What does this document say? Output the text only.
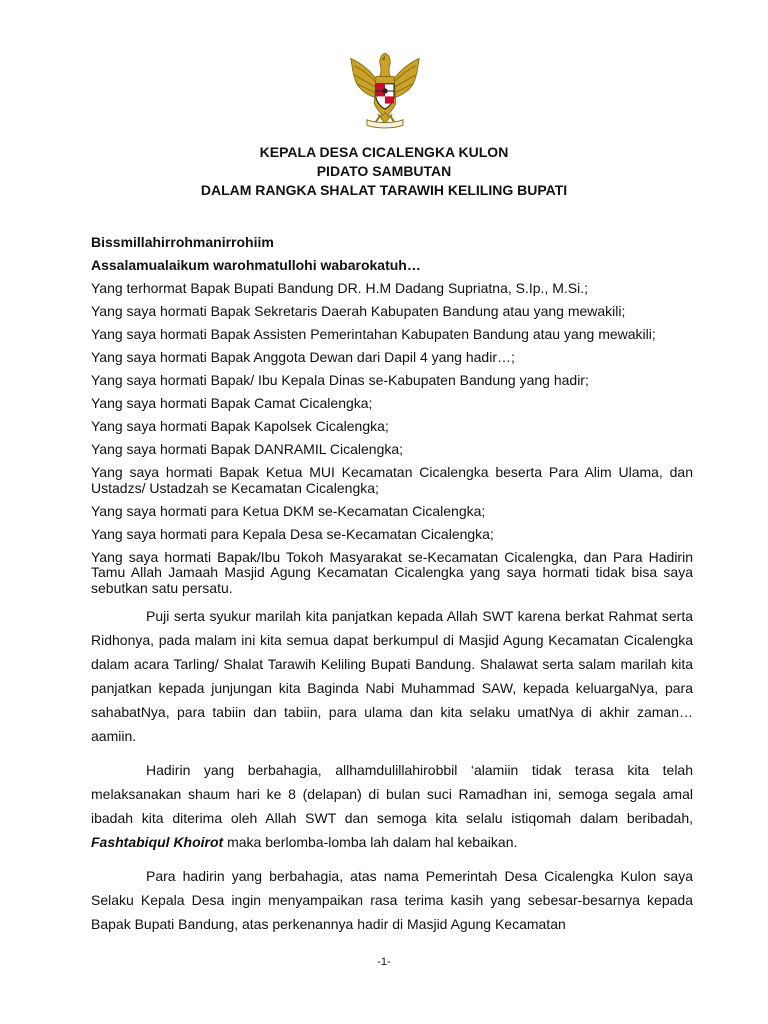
KEPALA DESA CICALENGKA KULON
PIDATO SAMBUTAN
DALAM RANGKA SHALAT TARAWIH KELILING BUPATI

Bissmillahirrohmanirrohiim

Assalamualaikum warohmatullohi wabarokatuh…

Yang terhormat Bapak Bupati Bandung DR. H.M Dadang Supriatna, S.Ip., M.Si.;

Yang saya hormati Bapak Sekretaris Daerah Kabupaten Bandung atau yang mewakili;

Yang saya hormati Bapak Assisten Pemerintahan Kabupaten Bandung atau yang mewakili;

Yang saya hormati Bapak Anggota Dewan dari Dapil 4 yang hadir…;

Yang saya hormati Bapak/ Ibu Kepala Dinas se-Kabupaten Bandung yang hadir;

Yang saya hormati Bapak Camat Cicalengka;

Yang saya hormati Bapak Kapolsek Cicalengka;

Yang saya hormati Bapak DANRAMIL Cicalengka;

Yang saya hormati Bapak Ketua MUI Kecamatan Cicalengka beserta Para Alim Ulama, dan Ustadzs/ Ustadzah se Kecamatan Cicalengka;

Yang saya hormati para Ketua DKM se-Kecamatan Cicalengka;

Yang saya hormati para Kepala Desa se-Kecamatan Cicalengka;

Yang saya hormati Bapak/Ibu Tokoh Masyarakat se-Kecamatan Cicalengka, dan Para Hadirin Tamu Allah Jamaah Masjid Agung Kecamatan Cicalengka yang saya hormati tidak bisa saya sebutkan satu persatu.

Puji serta syukur marilah kita panjatkan kepada Allah SWT karena berkat Rahmat serta Ridhonya, pada malam ini kita semua dapat berkumpul di Masjid Agung Kecamatan Cicalengka dalam acara Tarling/ Shalat Tarawih Keliling Bupati Bandung. Shalawat serta salam marilah kita panjatkan kepada junjungan kita Baginda Nabi Muhammad SAW, kepada keluargaNya, para sahabatNya, para tabiin dan tabiin, para ulama dan kita selaku umatNya di akhir zaman… aamiin.

Hadirin yang berbahagia, allhamdulillahirobbil ‘alamiin tidak terasa kita telah melaksanakan shaum hari ke 8 (delapan) di bulan suci Ramadhan ini, semoga segala amal ibadah kita diterima oleh Allah SWT dan semoga kita selalu istiqomah dalam beribadah, Fashtabiqul Khoirot maka berlomba-lomba lah dalam hal kebaikan.

Para hadirin yang berbahagia, atas nama Pemerintah Desa Cicalengka Kulon saya Selaku Kepala Desa ingin menyampaikan rasa terima kasih yang sebesar-besarnya kepada Bapak Bupati Bandung, atas perkenannya hadir di Masjid Agung Kecamatan

-1-
